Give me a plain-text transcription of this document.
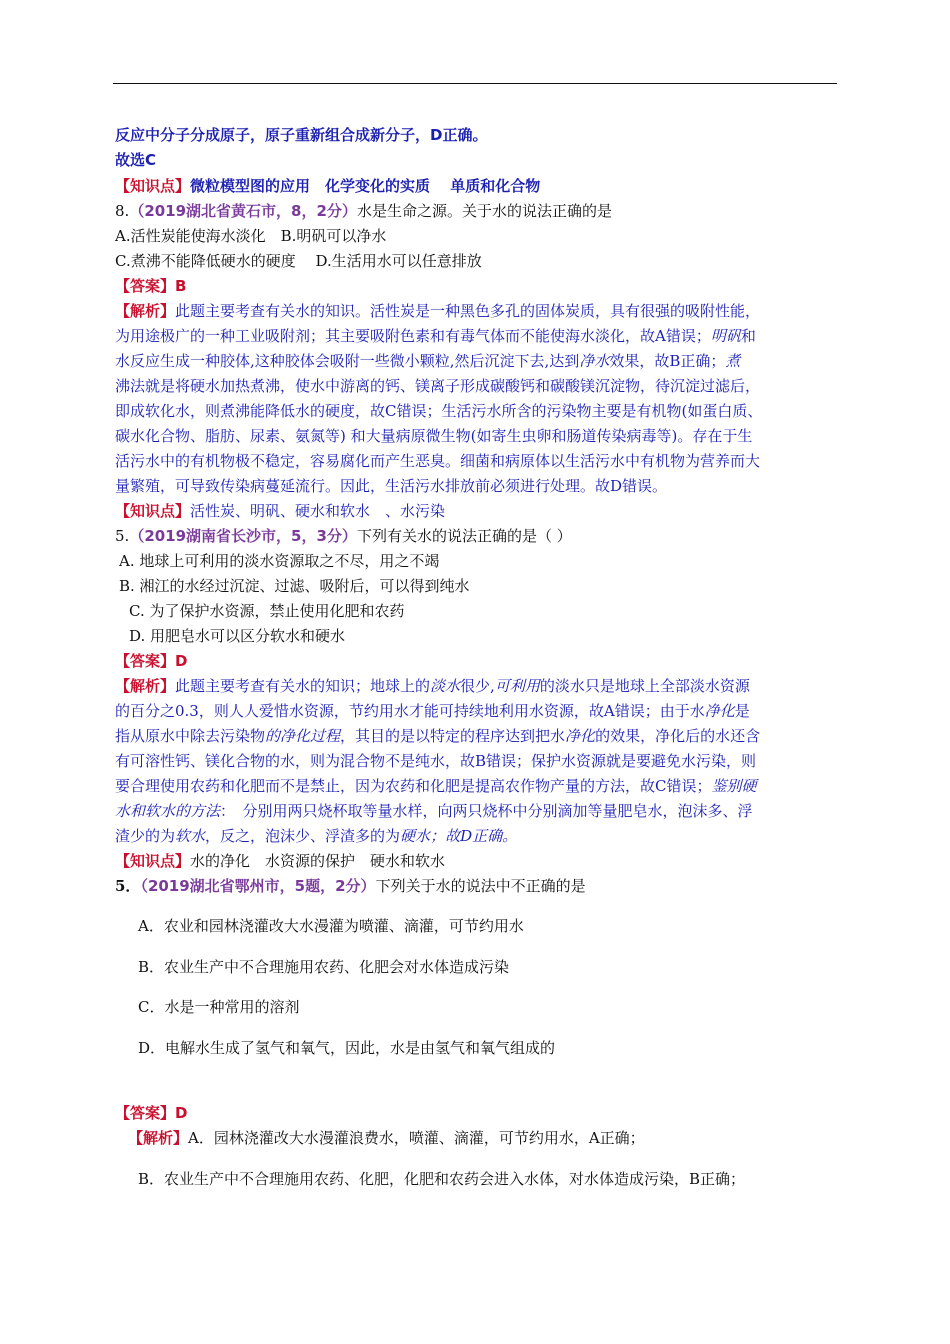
反应中分子分成原子，原子重新组合成新分子，D正确。
故选C
【知识点】微粒模型图的应用　化学变化的实质　 单质和化合物
8.（2019湖北省黄石市，8，2分）水是生命之源。关于水的说法正确的是
A.活性炭能使海水淡化　B.明矾可以净水
C.煮沸不能降低硬水的硬度　 D.生活用水可以任意排放
【答案】B
【解析】此题主要考查有关水的知识。活性炭是一种黑色多孔的固体炭质，具有很强的吸附性能，
为用途极广的一种工业吸附剂；其主要吸附色素和有毒气体而不能使海水淡化，故A错误；明矾和
水反应生成一种胶体,这种胶体会吸附一些微小颗粒,然后沉淀下去,达到净水效果，故B正确；煮
沸法就是将硬水加热煮沸，使水中游离的钙、镁离子形成碳酸钙和碳酸镁沉淀物，待沉淀过滤后，
即成软化水，则煮沸能降低水的硬度，故C错误；生活污水所含的污染物主要是有机物(如蛋白质、
碳水化合物、脂肪、尿素、氨氮等) 和大量病原微生物(如寄生虫卵和肠道传染病毒等)。存在于生
活污水中的有机物极不稳定，容易腐化而产生恶臭。细菌和病原体以生活污水中有机物为营养而大
量繁殖，可导致传染病蔓延流行。因此，生活污水排放前必须进行处理。故D错误。
【知识点】活性炭、明矾、硬水和软水　、水污染
5.（2019湖南省长沙市，5，3分）下列有关水的说法正确的是（ ）
A. 地球上可利用的淡水资源取之不尽，用之不竭
B. 湘江的水经过沉淀、过滤、吸附后，可以得到纯水
C. 为了保护水资源，禁止使用化肥和农药
D. 用肥皂水可以区分软水和硬水
【答案】D
【解析】此题主要考查有关水的知识；地球上的淡水很少,可利用的淡水只是地球上全部淡水资源
的百分之0.3，则人人爱惜水资源，节约用水才能可持续地利用水资源，故A错误；由于水净化是
指从原水中除去污染物的净化过程，其目的是以特定的程序达到把水净化的效果，净化后的水还含
有可溶性钙、镁化合物的水，则为混合物不是纯水，故B错误；保护水资源就是要避免水污染，则
要合理使用农药和化肥而不是禁止，因为农药和化肥是提高农作物产量的方法，故C错误；鉴别硬
水和软水的方法：　分别用两只烧杯取等量水样，向两只烧杯中分别滴加等量肥皂水，泡沫多、浮
渣少的为软水，反之，泡沫少、浮渣多的为硬水；故D正确。
【知识点】水的净化　水资源的保护　硬水和软水
5．（2019湖北省鄂州市，5题，2分）下列关于水的说法中不正确的是
A．农业和园林浇灌改大水漫灌为喷灌、滴灌，可节约用水
B．农业生产中不合理施用农药、化肥会对水体造成污染
C．水是一种常用的溶剂
D．电解水生成了氢气和氧气，因此，水是由氢气和氧气组成的
【答案】D
【解析】A．园林浇灌改大水漫灌浪费水，喷灌、滴灌，可节约用水，A正确；
B．农业生产中不合理施用农药、化肥，化肥和农药会进入水体，对水体造成污染，B正确；
